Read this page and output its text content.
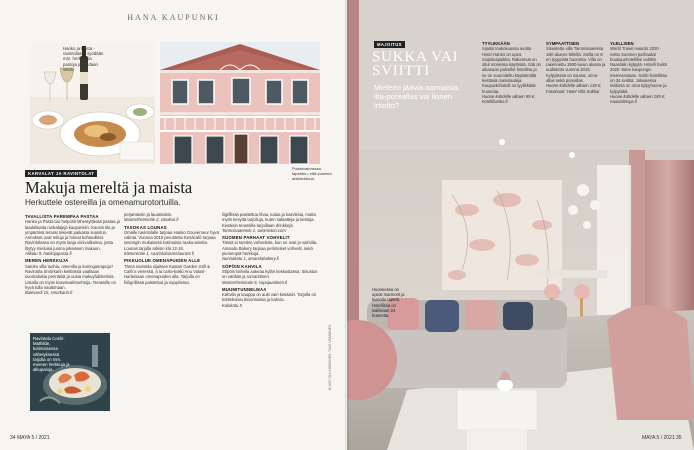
HANA KAUPUNKI
Hanko ja Pasta -ravintolassa syödään mm. herkullisia pastoja ja juodaan viiniä.
Puistovalmisssa tapahtuu, että suomen arkkitehtuuri.
KARVALAT JA RAVINTOLAT
Makuja mereltä ja maista
Herkuttele ostereilla ja omenamurotortuilla.
TAVALLISTA PAREMPAA PASTAA
Hanko ja Pasta tuo helposti lähestyttävää pastaa ja laadukkaita ruokalajeja kaupunkiin. Kaunis tila ja ympäröivä terassi tekevät paikasta suositun. Annokset ovat reiluja ja hinnat kohtuulliset. Ravintolassa on myös laaja viinivalikoima, josta löytyy mieluisa juoma jokaiseen makuun.
Alikatu 9, hankojapasta.fi
MEREN HERKKUJA
Satoko villa tuohia, omenilla ja kuningasrapuja? Ravintola Smörkarin keittiössä vaalitaan suomalaisia perinteitä ja uusia makuyhdistelmiä. Listalla on myös kasvisvaihtoehtoja. Terassille on hyvä tulla nauttimaan.
Bulevardi 15, smorkarin.fi
perjantaisin ja lauantaisin.
Mannerheimintie 2, vinokori.fi
TASOKAS LOUNAS
Omalle ravintolalle tarjoaa Hanko Gouverneur hyvä valinta. Vuonna 2018 perustettu Kesäcafé tarjoaa sesongin mukaisesti kotimaisia raaka-aineita. Lounas tarjolla arkisin klo 12-16.
Itämerentie 1, saaristolaisrestaurant.fi
PIKKUOLUE OMENAPUIDEN ALLE
Tämä ravintola sijaitsee Kastari Garden Grill & Café:n vieressä, à la carte-kokki Anu Valosi-Harteisaan omenapuiden alla. Tarjolla on hiiligrillissä paistettua ja suppilossa.
liigrillissä paistettua lihaa, kalaa ja kasviksia, mutta myös kevyitä tarjoiluja, kuten salaatteja ja keittoja. Kesäisin terassilla tarjoillaan drinkkejä.
Tammisaarentie 2, tammiston.com
SUOMEN PARHAAT VOHVELIT
Tässä ei tarvitse vohveleita, kun ne ovat jo valmiita. Amanda Bakery tarjoaa perinteiset vohvelit, sekä pienempiä herkkuja.
Nunnakatu 1, amandabakery.fi
SÖPÖIN KAHVILA
Söpöin kahvila aukeaa kylän keskustassa. Sisustus on värikäs ja romanttinen.
Mannerheimintie 9, sopopuotinen.fi
MUUMITUNNELMAA
Kahvila ja kauppa on auki vain kesäisin. Tarjolla on kotitekoisia leivonnaisia ja kahvia.
Kulokatu 5
Ravintola Coshi-Mathilde, kotimaisessa vähetyksessä tarjolla on mm. mereen herkkuja ja alkupaloja.	KUVAT OLLI HÄKKINEN, TIMO VÄÄNÄNEN
34 MAYA 5 / 2021
Huoneessa on upeat marmorit ja kuvioitu tapetti. Hotellissa on kaikkiaan 24 huonetta.
MAJOITUS
SUKKA VAI SVIITTI
Mieleen jääviä aamiaisia, ilta-poreallas vai ilonen irtiotto?
TYYLIKKÄÄN
Sijaitsi toukokuussa avattu Hotel Hanko on upea majoituspaikka. Rakennus on ollut monessa käytössä. Sitä on aikanaan palvellut hotellina ja se on suunniteltu käyttämällä kestäviä materiaaleja. Kaupunkihotelli on tyylikkäitä huoneita.
Huone kahdelle alkaen 99 €, hotellihanko.fi
SYMPAATTISEN
Sisustettu villa Tammisaaressa Joki-alueen lähellä. Siellä on 8 eri tyyppistä huonetta. Villa on rakennettu 1900-luvun alussa ja uudistettu vuonna 2015. Kylpylässä on saunat, uima-allas sekä poreallas.
Huone kahdelle alkaen 139 €, Facebook: Hotel Villa Sukkai
YLELLISEN
World Travel Awards 2020 -voitto Suomen parhaaksi boutiquehotelliksi valittiin Naantalin kylpylä. Hotelli Sviitti 2020 -tulee kaupungin merenrantaan. Sviitti-hotellissa on 34 sviittiä. Jokaisessa sviitissä on oma kylpyhuone ja kylpytakit.
Huone kahdelle alkaen 285 €, naantalinspa.fi
MAYA 5 / 2021 35
